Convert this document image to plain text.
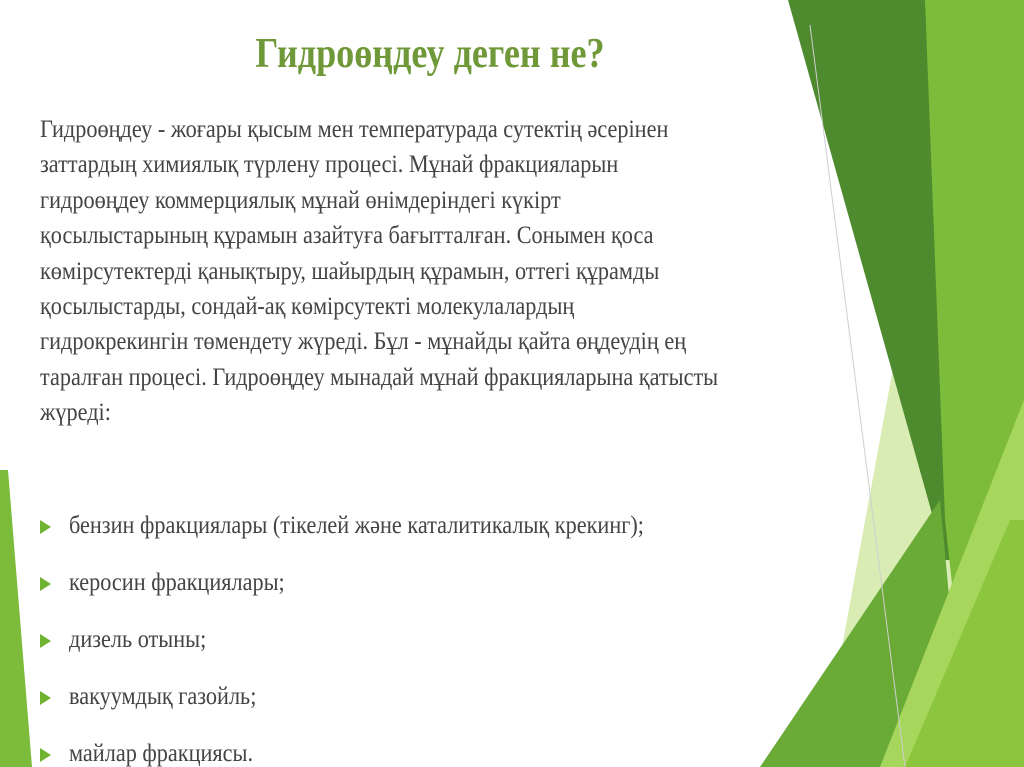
Гидроөңдеу деген не?
Гидроөңдеу - жоғары қысым мен температурада сутектің әсерінен
заттардың химиялық түрлену процесі. Мұнай фракцияларын
гидроөңдеу коммерциялық мұнай өнімдеріндегі күкірт
қосылыстарының құрамын азайтуға бағытталған. Сонымен қоса
көмірсутектерді қанықтыру, шайырдың құрамын, оттегі құрамды
қосылыстарды, сондай-ақ көмірсутекті молекулалардың
гидрокрекингін төмендету жүреді. Бұл - мұнайды қайта өңдеудің ең
таралған процесі. Гидроөңдеу мынадай мұнай фракцияларына қатысты
жүреді:
бензин фракциялары (тікелей және каталитикалық крекинг);
керосин фракциялары;
дизель отыны;
вакуумдық газойль;
майлар фракциясы.
